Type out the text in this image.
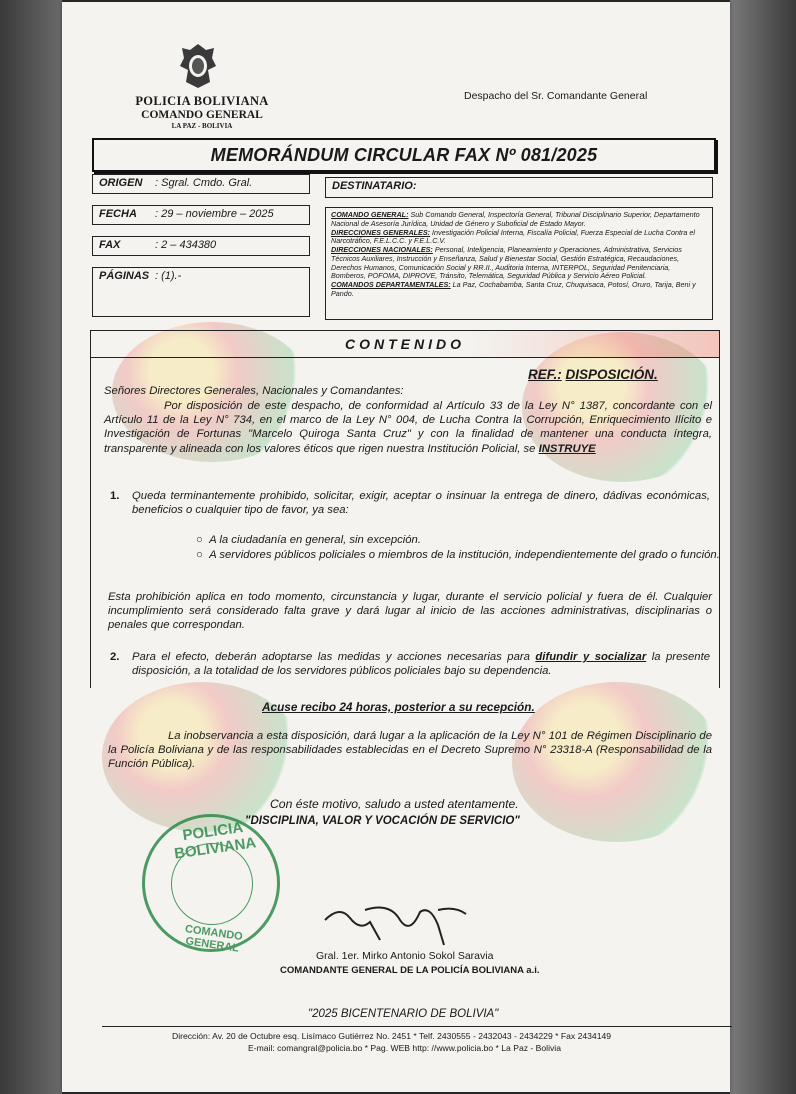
POLICIA BOLIVIANA
COMANDO GENERAL
LA PAZ - BOLIVIA
Despacho del Sr. Comandante General
MEMORÁNDUM CIRCULAR FAX Nº 081/2025
ORIGEN	: Sgral. Cmdo. Gral.
FECHA	: 29 – noviembre – 2025
FAX	: 2 – 434380
PÁGINAS : (1).-
DESTINATARIO:
COMANDO GENERAL: Sub Comando General, Inspectoría General, Tribunal Disciplinario Superior, Departamento Nacional de Asesoría Jurídica, Unidad de Género y Suboficial de Estado Mayor.
DIRECCIONES GENERALES: Investigación Policial Interna, Fiscalía Policial, Fuerza Especial de Lucha Contra el Narcotráfico, F.E.L.C.C. y F.E.L.C.V.
DIRECCIONES NACIONALES: Personal, Inteligencia, Planeamiento y Operaciones, Administrativa, Servicios Técnicos Auxiliares, Instrucción y Enseñanza, Salud y Bienestar Social, Gestión Estratégica, Recaudaciones, Derechos Humanos, Comunicación Social y RR.II., Auditoria Interna, INTERPOL, Seguridad Penitenciaria, Bomberos, POFOMA, DIPROVE, Tránsito, Telemática, Seguridad Pública y Servicio Aéreo Policial.
COMANDOS DEPARTAMENTALES: La Paz, Cochabamba, Santa Cruz, Chuquisaca, Potosí, Oruro, Tarija, Beni y Pando.
CONTENIDO
REF.: DISPOSICIÓN.
Señores Directores Generales, Nacionales y Comandantes:
Por disposición de este despacho, de conformidad al Artículo 33 de la Ley N° 1387, concordante con el Artículo 11 de la Ley N° 734, en el marco de la Ley N° 004, de Lucha Contra la Corrupción, Enriquecimiento Ilícito e Investigación de Fortunas "Marcelo Quiroga Santa Cruz" y con la finalidad de mantener una conducta íntegra, transparente y alineada con los valores éticos que rigen nuestra Institución Policial, se INSTRUYE
1.	Queda terminantemente prohibido, solicitar, exigir, aceptar o insinuar la entrega de dinero, dádivas económicas, beneficios o cualquier tipo de favor, ya sea:
○  A la ciudadanía en general, sin excepción.
○  A servidores públicos policiales o miembros de la institución, independientemente del grado o función.
Esta prohibición aplica en todo momento, circunstancia y lugar, durante el servicio policial y fuera de él. Cualquier incumplimiento será considerado falta grave y dará lugar al inicio de las acciones administrativas, disciplinarias o penales que correspondan.
2.	Para el efecto, deberán adoptarse las medidas y acciones necesarias para difundir y socializar la presente disposición, a la totalidad de los servidores públicos policiales bajo su dependencia.
Acuse recibo 24 horas, posterior a su recepción.
La inobservancia a esta disposición, dará lugar a la aplicación de la Ley N° 101 de Régimen Disciplinario de la Policía Boliviana y de las responsabilidades establecidas en el Decreto Supremo N° 23318-A (Responsabilidad de la Función Pública).
Con éste motivo, saludo a usted atentamente.
"DISCIPLINA, VALOR Y VOCACIÓN DE SERVICIO"
POLICIA BOLIVIANA
COMANDO GENERAL
Gral. 1er. Mirko Antonio Sokol Saravia
COMANDANTE GENERAL DE LA POLICÍA BOLIVIANA a.i.
"2025 BICENTENARIO DE BOLIVIA"
Dirección: Av. 20 de Octubre esq. Lisímaco Gutiérrez No. 2451 * Telf. 2430555 - 2432043 - 2434229 * Fax 2434149
E-mail: comangral@policia.bo * Pag. WEB http: //www.policia.bo * La Paz - Bolivia
